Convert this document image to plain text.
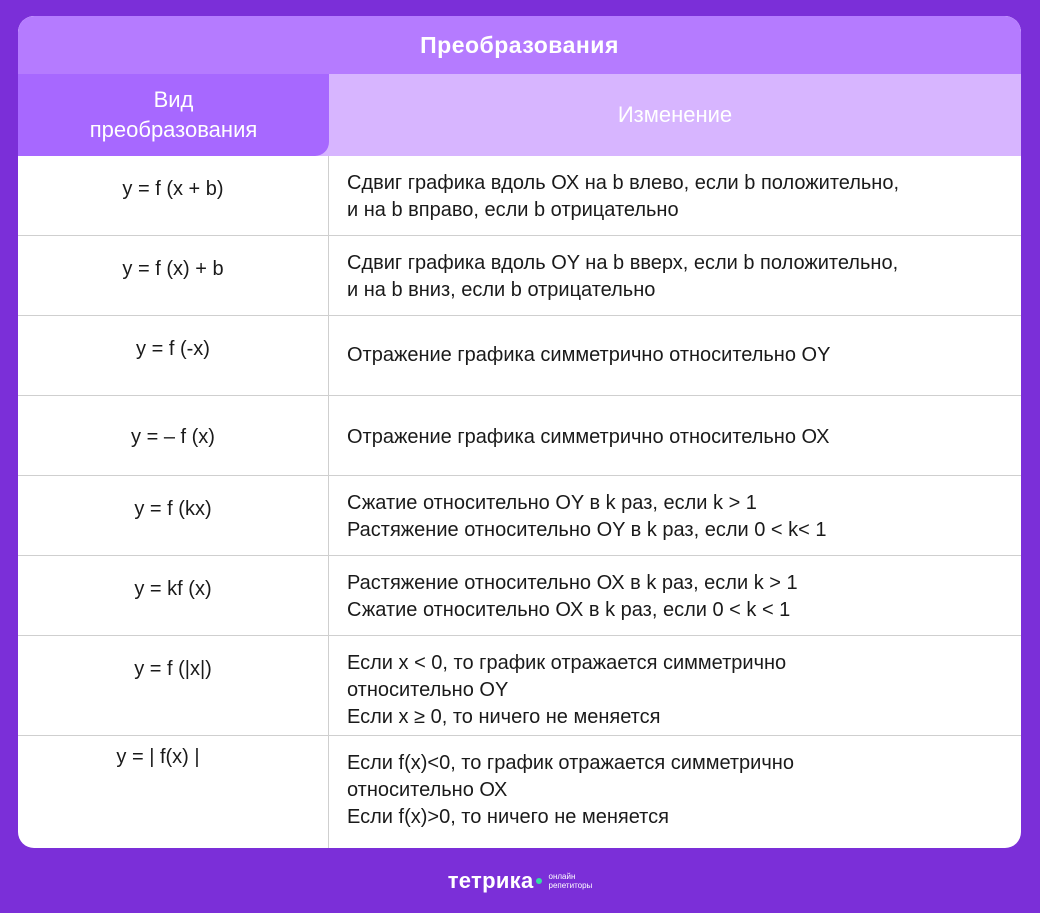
Преобразования
Вид
преобразования
Изменение
y = f (x + b)	Сдвиг графика вдоль ОХ на b влево, если b положительно,
и на b вправо, если b отрицательно
y = f (x) + b	Сдвиг графика вдоль ОY на b вверх, если b положительно,
и на b вниз, если b отрицательно
y = f (-x)	Отражение графика симметрично относительно ОY
y = – f (x)	Отражение графика симметрично относительно ОХ
y = f (kx)	Сжатие относительно ОY в k раз, если k > 1
Растяжение относительно ОY в k раз, если 0 < k< 1
y = kf (x)	Растяжение относительно ОХ в k раз, если k > 1
Сжатие относительно ОХ в k раз, если 0 < k < 1
y = f (|x|)	Если x < 0, то график отражается симметрично
относительно ОY
Если x ≥ 0, то ничего не меняется
y = | f(x) |	Если f(x)<0, то график отражается симметрично
относительно ОХ
Если f(x)>0, то ничего не меняется
тетрика онлайн
репетиторы
